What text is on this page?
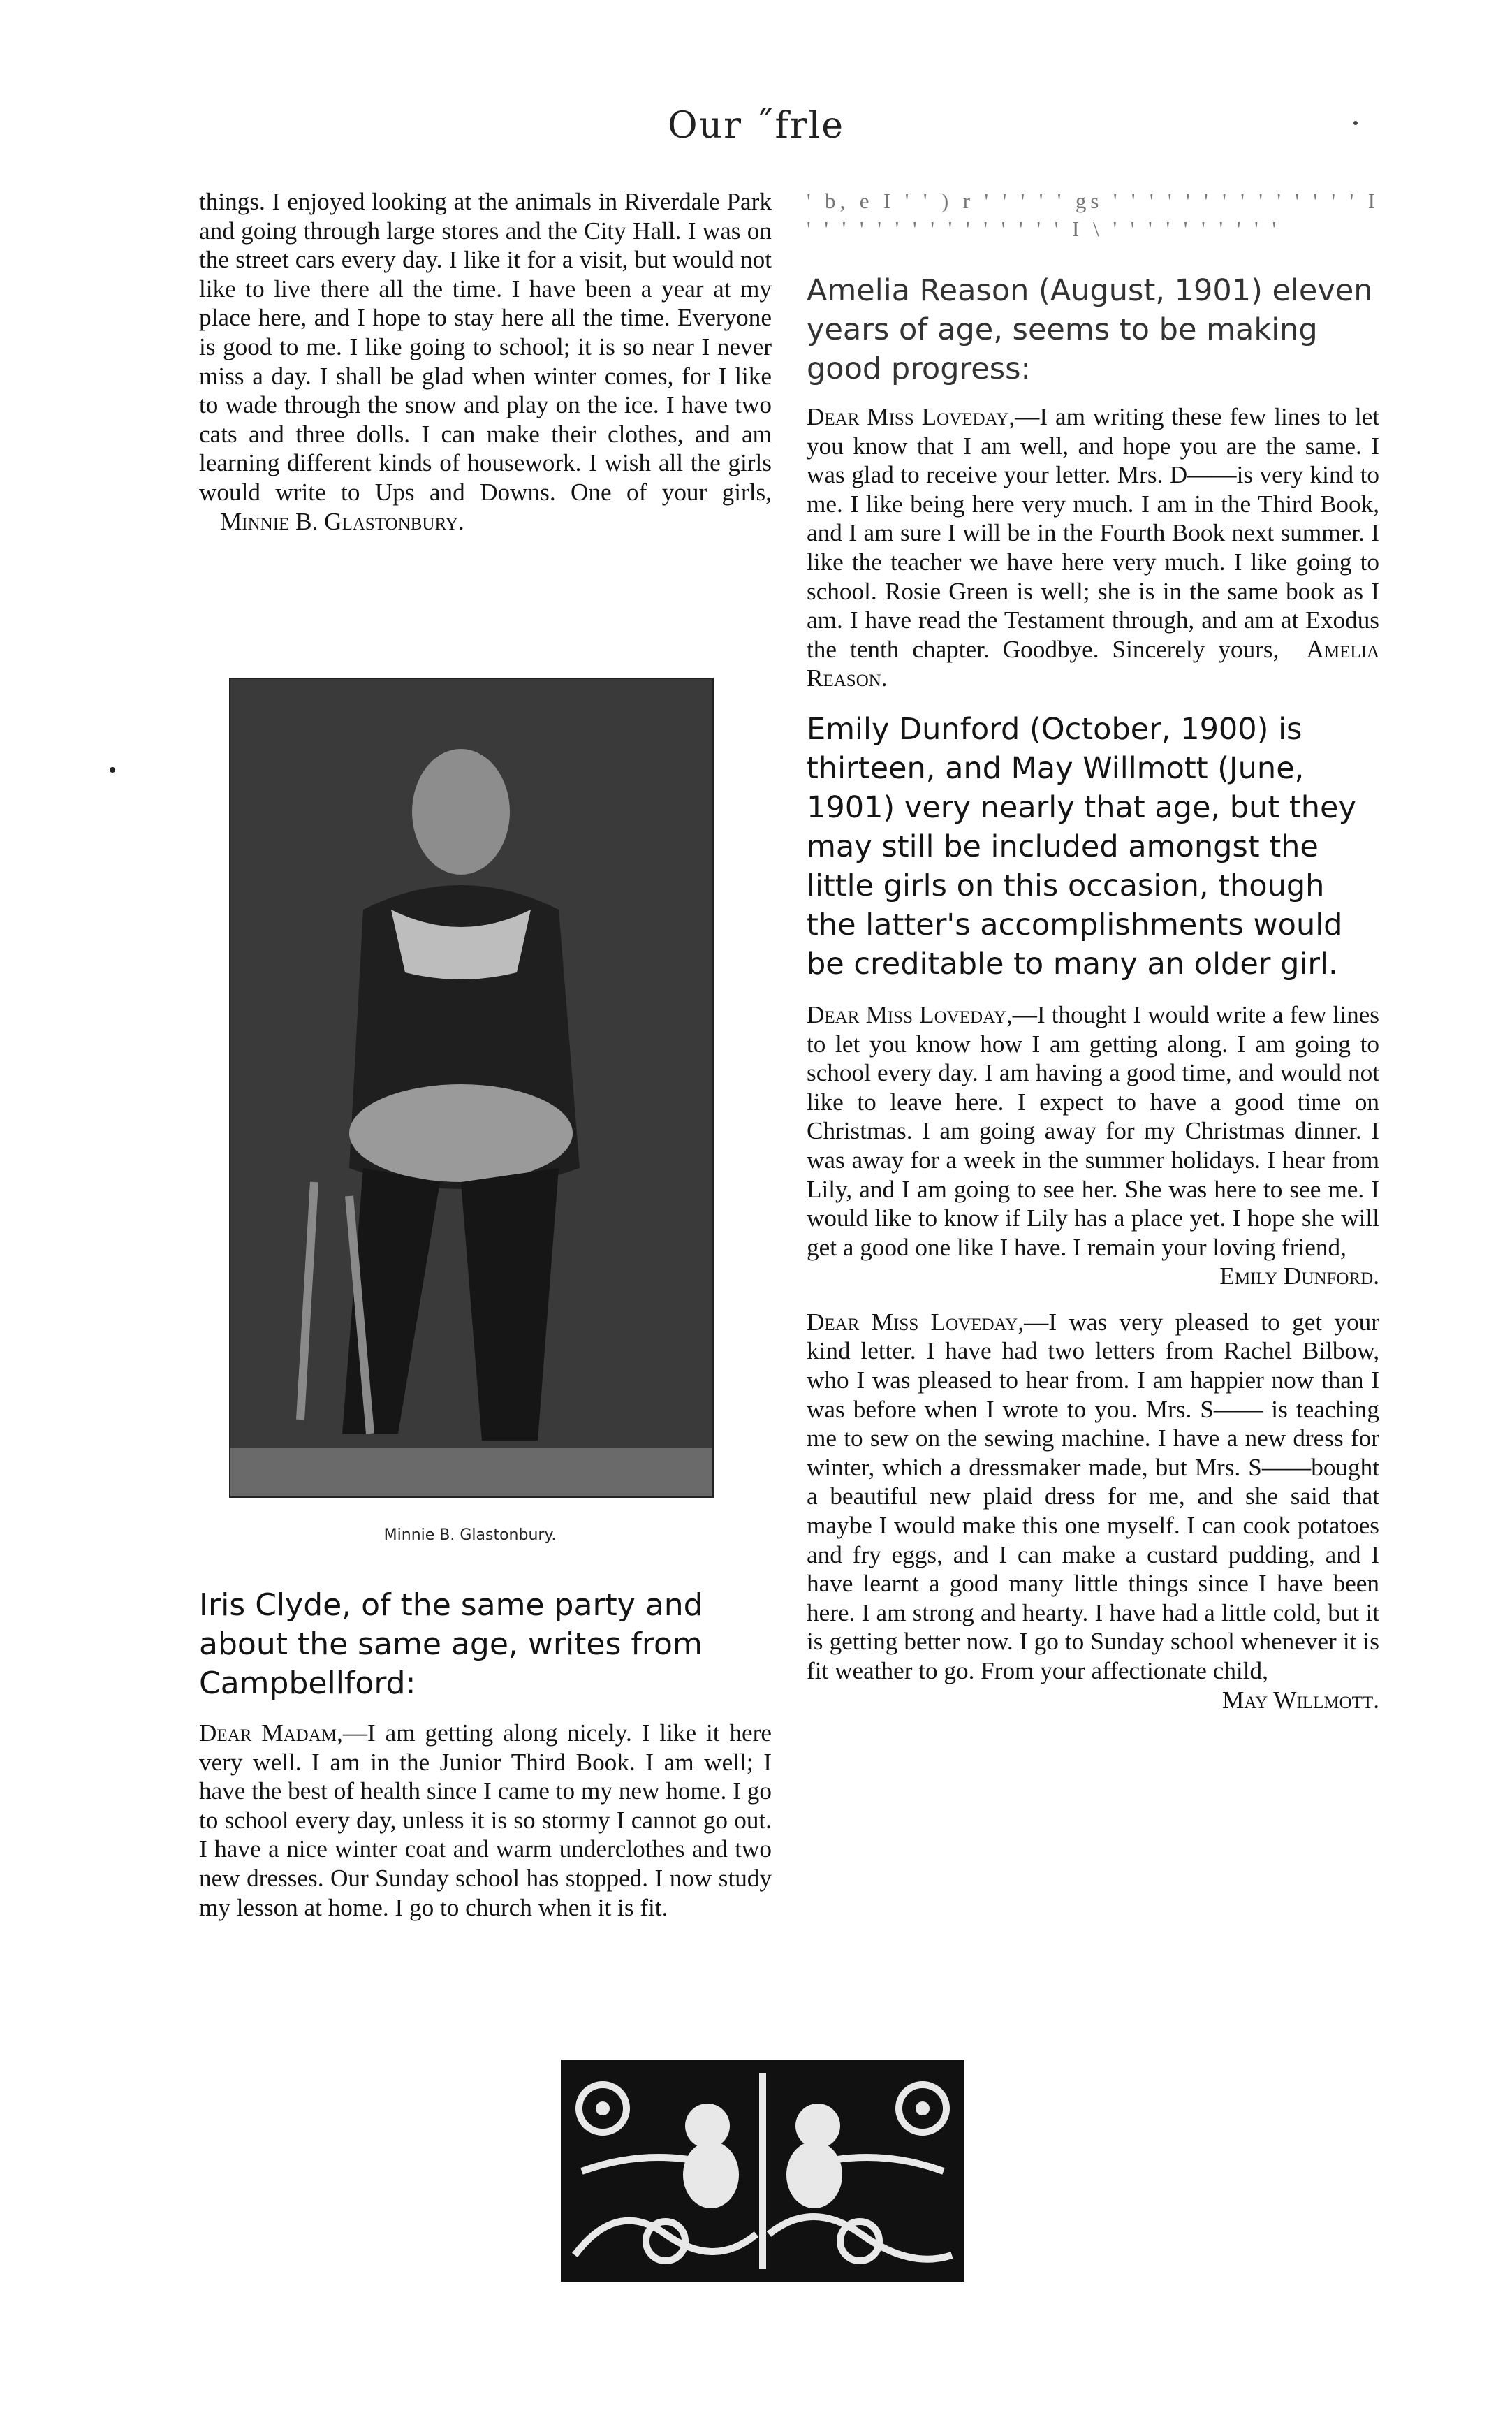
Our ˝frle

things. I enjoyed looking at the animals in Riverdale Park and going through large stores and the City Hall. I was on the street cars every day. I like it for a visit, but would not like to live there all the time. I have been a year at my place here, and I hope to stay here all the time. Everyone is good to me. I like going to school; it is so near I never miss a day. I shall be glad when winter comes, for I like to wade through the snow and play on the ice. I have two cats and three dolls. I can make their clothes, and am learning different kinds of housework. I wish all the girls would write to Ups and Downs. One of your girls, Minnie B. Glastonbury.

Minnie B. Glastonbury.

Iris Clyde, of the same party and about the same age, writes from Campbellford:

Dear Madam,—I am getting along nicely. I like it here very well. I am in the Junior Third Book. I am well; I have the best of health since I came to my new home. I go to school every day, unless it is so stormy I cannot go out. I have a nice winter coat and warm underclothes and two new dresses. Our Sunday school has stopped. I now study my lesson at home. I go to church when it is fit.

' b, e I ' ' ) r ' ' ' ' ' gs ' ' ' ' ' ' ' ' ' ' ' ' ' ' I ' ' ' ' ' ' ' ' ' ' ' ' ' ' ' I \ ' ' ' ' ' ' ' ' ' '

Amelia Reason (August, 1901) eleven years of age, seems to be making good progress:

Dear Miss Loveday,—I am writing these few lines to let you know that I am well, and hope you are the same. I was glad to receive your letter. Mrs. D——is very kind to me. I like being here very much. I am in the Third Book, and I am sure I will be in the Fourth Book next summer. I like the teacher we have here very much. I like going to school. Rosie Green is well; she is in the same book as I am. I have read the Testament through, and am at Exodus the tenth chapter. Goodbye. Sincerely yours, Amelia Reason.

Emily Dunford (October, 1900) is thirteen, and May Willmott (June, 1901) very nearly that age, but they may still be included amongst the little girls on this occasion, though the latter's accomplishments would be creditable to many an older girl.

Dear Miss Loveday,—I thought I would write a few lines to let you know how I am getting along. I am going to school every day. I am having a good time, and would not like to leave here. I expect to have a good time on Christmas. I am going away for my Christmas dinner. I was away for a week in the summer holidays. I hear from Lily, and I am going to see her. She was here to see me. I would like to know if Lily has a place yet. I hope she will get a good one like I have. I remain your loving friend,

Emily Dunford.

Dear Miss Loveday,—I was very pleased to get your kind letter. I have had two letters from Rachel Bilbow, who I was pleased to hear from. I am happier now than I was before when I wrote to you. Mrs. S—— is teaching me to sew on the sewing machine. I have a new dress for winter, which a dressmaker made, but Mrs. S——bought a beautiful new plaid dress for me, and she said that maybe I would make this one myself. I can cook potatoes and fry eggs, and I can make a custard pudding, and I have learnt a good many little things since I have been here. I am strong and hearty. I have had a little cold, but it is getting better now. I go to Sunday school whenever it is fit weather to go. From your affectionate child,

May Willmott.
